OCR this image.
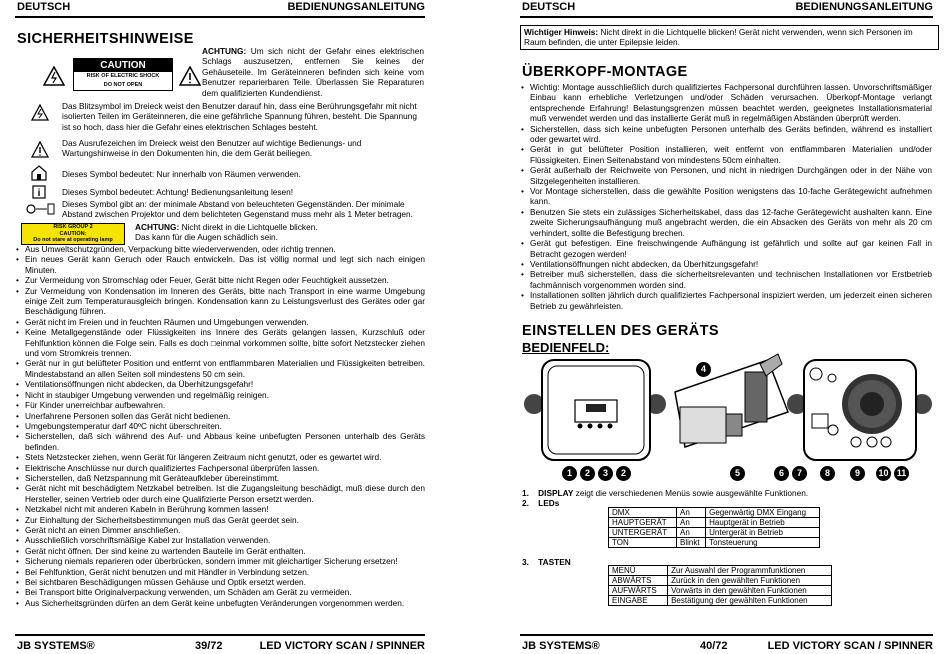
DEUTSCH	BEDIENUNGSANLEITUNG
SICHERHEITSHINWEISE
CAUTION
RISK OF ELECTRIC SHOCK
DO NOT OPEN
ACHTUNG: Um sich nicht der Gefahr eines elektrischen Schlags auszusetzen, entfernen Sie keines der Gehäuseteile. Im Geräteinneren befinden sich keine vom Benutzer reparierbaren Teile. Überlassen Sie Reparaturen dem qualifizierten Kundendienst.
Das Blitzsymbol im Dreieck weist den Benutzer darauf hin, dass eine Berührungsgefahr mit nicht isolierten Teilen im Geräteinneren, die eine gefährliche Spannung führen, besteht. Die Spannung ist so hoch, dass hier die Gefahr eines elektrischen Schlages besteht.
Das Ausrufezeichen im Dreieck weist den Benutzer auf wichtige Bedienungs- und Wartungshinweise in den Dokumenten hin, die dem Gerät beiliegen.
Dieses Symbol bedeutet: Nur innerhalb von Räumen verwenden.
i	Dieses Symbol bedeutet: Achtung! Bedienungsanleitung lesen!
Dieses Symbol gibt an: der minimale Abstand von beleuchteten Gegenständen. Der minimale Abstand zwischen Projektor und dem belichteten Gegenstand muss mehr als 1 Meter betragen.
RISK GROUP 2
CAUTION:
Do not stare at operating lamp
ACHTUNG: Nicht direkt in die Lichtquelle blicken.
Das kann für die Augen schädlich sein.
• Aus Umweltschutzgründen, Verpackung bitte wiederverwenden, oder richtig trennen.
• Ein neues Gerät kann Geruch oder Rauch entwickeln. Das ist völlig normal und legt sich nach einigen Minuten.
• Zur Vermeidung von Stromschlag oder Feuer, Gerät bitte nicht Regen oder Feuchtigkeit aussetzen.
• Zur Vermeidung von Kondensation im Inneren des Geräts, bitte nach Transport in eine warme Umgebung einige Zeit zum Temperaturausgleich bringen. Kondensation kann zu Leistungsverlust des Gerätes oder gar Beschädigung führen.
• Gerät nicht im Freien und in feuchten Räumen und Umgebungen verwenden.
• Keine Metallgegenstände oder Flüssigkeiten ins Innere des Geräts gelangen lassen, Kurzschluß oder Fehlfunktion können die Folge sein. Falls es doch □einmal vorkommen sollte, bitte sofort Netzstecker ziehen und vom Stromkreis trennen.
• Gerät nur in gut belüfteter Position und entfernt von entflammbaren Materialien und Flüssigkeiten betreiben. Mindestabstand an allen Seiten soll mindestens 50 cm sein.
• Ventilationsöffnungen nicht abdecken, da Überhitzungsgefahr!
• Nicht in staubiger Umgebung verwenden und regelmäßig reinigen.
• Für Kinder unerreichbar aufbewahren.
• Unerfahrene Personen sollen das Gerät nicht bedienen.
• Umgebungstemperatur darf 40ºC nicht überschreiten.
• Sicherstellen, daß sich während des Auf- und Abbaus keine unbefugten Personen unterhalb des Geräts befinden.
• Stets Netzstecker ziehen, wenn Gerät für längeren Zeitraum nicht genutzt, oder es gewartet wird.
• Elektrische Anschlüsse nur durch qualifiziertes Fachpersonal überprüfen lassen.
• Sicherstellen, daß Netzspannung mit Geräteaufkleber übereinstimmt.
• Gerät nicht mit beschädigtem Netzkabel betreiben. Ist die Zugangsleitung beschädigt, muß diese durch den Hersteller, seinen Vertrieb oder durch eine Qualifizierte Person ersetzt werden.
• Netzkabel nicht mit anderen Kabeln in Berührung kommen lassen!
• Zur Einhaltung der Sicherheitsbestimmungen muß das Gerät geerdet sein.
• Gerät nicht an einen Dimmer anschließen.
• Ausschließlich vorschriftsmäßige Kabel zur Installation verwenden.
• Gerät nicht öffnen. Der sind keine zu wartenden Bauteile im Gerät enthalten.
• Sicherung niemals reparieren oder überbrücken, sondern immer mit gleichartiger Sicherung ersetzen!
• Bei Fehlfunktion, Gerät nicht benutzen und mit Händler in Verbindung setzen.
• Bei sichtbaren Beschädigungen müssen Gehäuse und Optik ersetzt werden.
• Bei Transport bitte Originalverpackung verwenden, um Schäden am Gerät zu vermeiden.
• Aus Sicherheitsgründen dürfen an dem Gerät keine unbefugten Veränderungen vorgenommen werden.
JB SYSTEMS®	39/72	LED VICTORY SCAN / SPINNER
DEUTSCH	BEDIENUNGSANLEITUNG
Wichtiger Hinweis: Nicht direkt in die Lichtquelle blicken! Gerät nicht verwenden, wenn sich Personen im Raum befinden, die unter Epilepsie leiden.
ÜBERKOPF-MONTAGE
• Wichtig: Montage ausschließlich durch qualifiziertes Fachpersonal durchführen lassen. Unvorschriftsmäßiger Einbau kann erhebliche Verletzungen und/oder Schäden verursachen. Überkopf-Montage verlangt entsprechende Erfahrung! Belastungsgrenzen müssen beachtet werden, geeignetes Installationsmaterial muß verwendet werden und das installierte Gerät muß in regelmäßigen Abständen überprüft werden.
• Sicherstellen, dass sich keine unbefugten Personen unterhalb des Geräts befinden, während es installiert oder gewartet wird.
• Gerät in gut belüfteter Position installieren, weit entfernt von entflammbaren Materialien und/oder Flüssigkeiten. Einen Seitenabstand von mindestens 50cm einhalten.
• Gerät außerhalb der Reichweite von Personen, und nicht in niedrigen Durchgängen oder in der Nähe von Sitzgelegenheiten installieren.
• Vor Montage sicherstellen, dass die gewählte Position wenigstens das 10-fache Gerätegewicht aufnehmen kann.
• Benutzen Sie stets ein zulässiges Sicherheitskabel, dass das 12-fache Gerätegewicht aushalten kann. Eine zweite Sicherungsaufhängung muß angebracht werden, die ein Absacken des Geräts von mehr als 20 cm verhindert, sollte die Befestigung brechen.
• Gerät gut befestigen. Eine freischwingende Aufhängung ist gefährlich und sollte auf gar keinen Fall in Betracht gezogen werden!
• Ventilationsöffnungen nicht abdecken, da Überhitzungsgefahr!
• Betreiber muß sicherstellen, dass die sicherheitsrelevanten und technischen Installationen vor Erstbetrieb fachmännisch vorgenommen worden sind.
• Installationen sollten jährlich durch qualifiziertes Fachpersonal inspiziert werden, um jederzeit einen sicheren Betrieb zu gewährleisten.
EINSTELLEN DES GERÄTS
BEDIENFELD:
1	2	3	2
4
5	6	7	8	9	10 11
1. DISPLAY zeigt die verschiedenen Menüs sowie ausgewählte Funktionen.
2. LEDs
DMX	An	Gegenwärtig DMX Eingang
HAUPTGERÄT	An	Hauptgerät in Betrieb
UNTERGERÄT	An	Untergerät in Betrieb
TON	Blinkt	Tonsteuerung
3. TASTEN
MENÜ	Zur Auswahl der Programmfunktionen
ABWÄRTS	Zurück in den gewählten Funktionen
AUFWÄRTS	Vorwärts in den gewählten Funktionen
EINGABE	Bestätigung der gewählten Funktionen
JB SYSTEMS®	40/72	LED VICTORY SCAN / SPINNER
